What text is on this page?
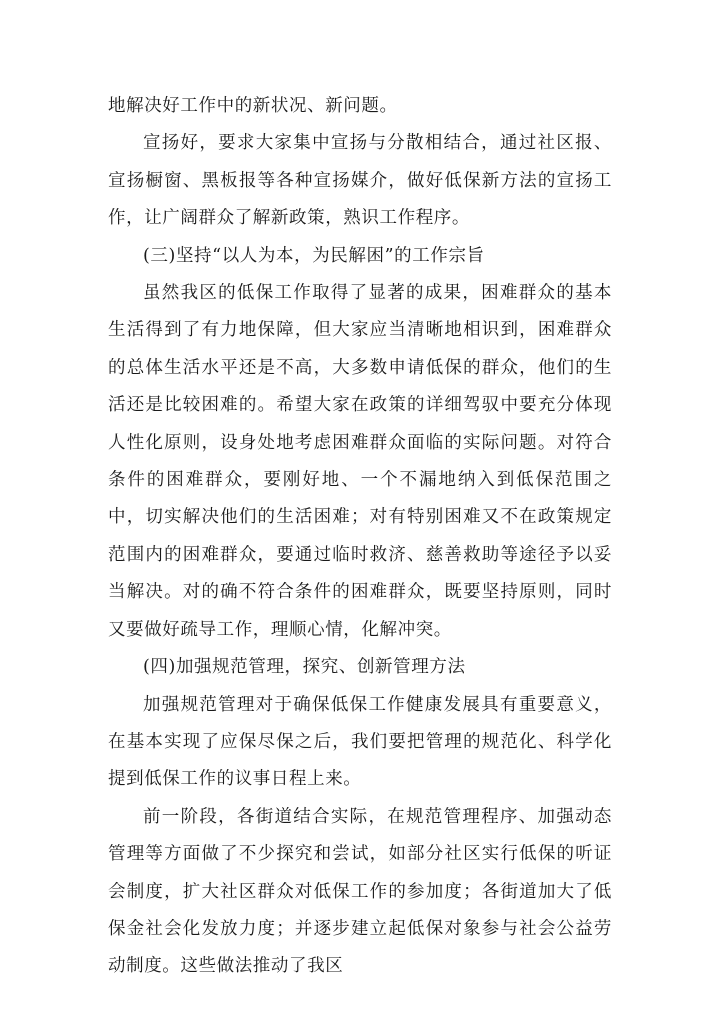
地解决好工作中的新状况、新问题。

宣扬好，要求大家集中宣扬与分散相结合，通过社区报、宣扬橱窗、黑板报等各种宣扬媒介，做好低保新方法的宣扬工作，让广阔群众了解新政策，熟识工作程序。

(三)坚持“以人为本，为民解困”的工作宗旨

虽然我区的低保工作取得了显著的成果，困难群众的基本生活得到了有力地保障，但大家应当清晰地相识到，困难群众的总体生活水平还是不高，大多数申请低保的群众，他们的生活还是比较困难的。希望大家在政策的详细驾驭中要充分体现人性化原则，设身处地考虑困难群众面临的实际问题。对符合条件的困难群众，要刚好地、一个不漏地纳入到低保范围之中，切实解决他们的生活困难；对有特别困难又不在政策规定范围内的困难群众，要通过临时救济、慈善救助等途径予以妥当解决。对的确不符合条件的困难群众，既要坚持原则，同时又要做好疏导工作，理顺心情，化解冲突。

(四)加强规范管理，探究、创新管理方法

加强规范管理对于确保低保工作健康发展具有重要意义，在基本实现了应保尽保之后，我们要把管理的规范化、科学化提到低保工作的议事日程上来。

前一阶段，各街道结合实际，在规范管理程序、加强动态管理等方面做了不少探究和尝试，如部分社区实行低保的听证会制度，扩大社区群众对低保工作的参加度；各街道加大了低保金社会化发放力度；并逐步建立起低保对象参与社会公益劳动制度。这些做法推动了我区
